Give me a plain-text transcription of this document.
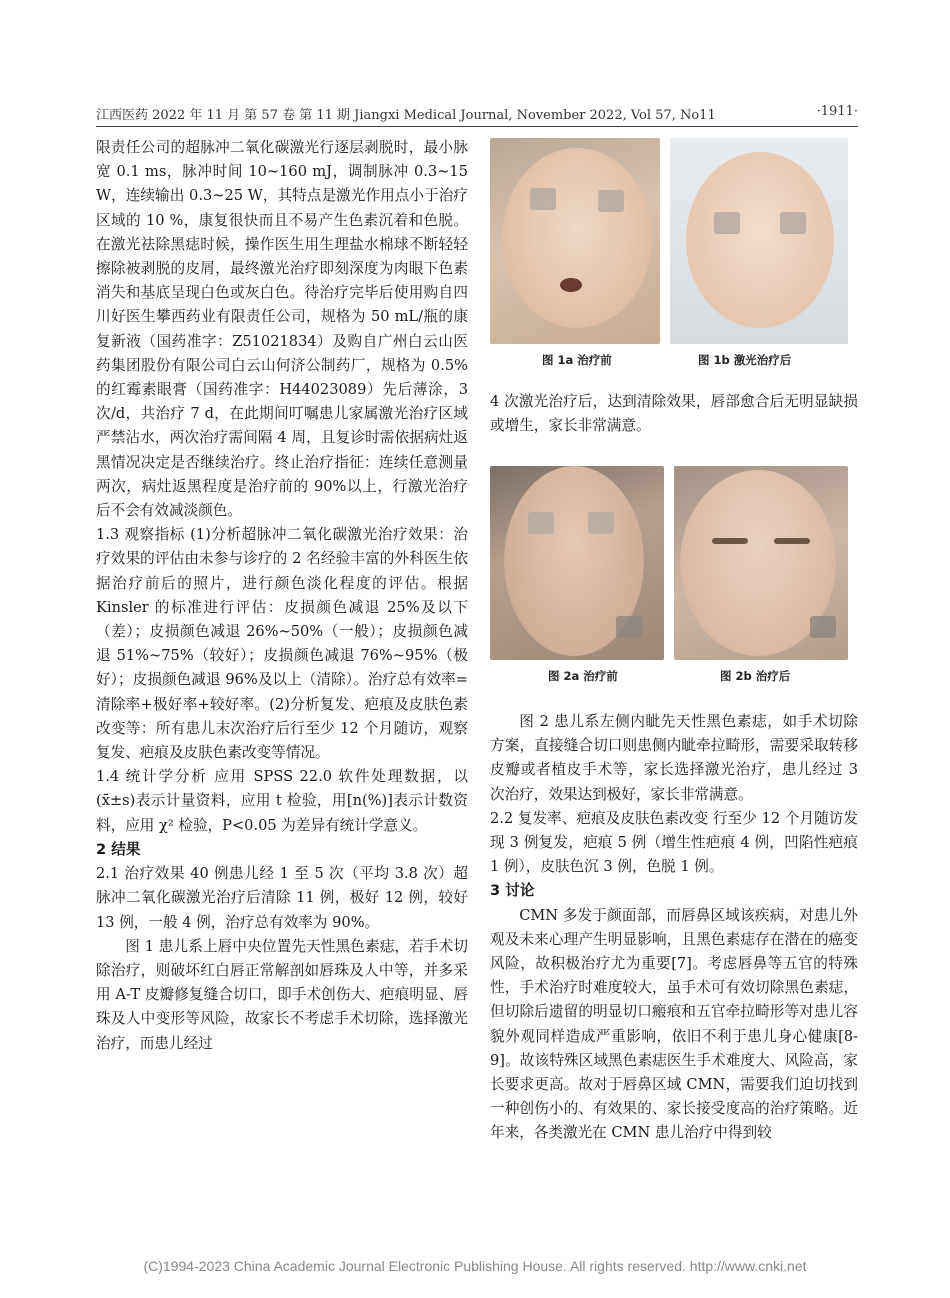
江西医药 2022 年 11 月 第 57 卷 第 11 期 Jiangxi Medical Journal, November 2022, Vol 57, No11	·1911·

限责任公司的超脉冲二氧化碳激光行逐层剥脱时，最小脉宽 0.1 ms，脉冲时间 10~160 mJ，调制脉冲 0.3~15 W，连续输出 0.3~25 W，其特点是激光作用点小于治疗区域的 10 %，康复很快而且不易产生色素沉着和色脱。在激光祛除黑痣时候，操作医生用生理盐水棉球不断轻轻擦除被剥脱的皮屑，最终激光治疗即刻深度为肉眼下色素消失和基底呈现白色或灰白色。待治疗完毕后使用购自四川好医生攀西药业有限责任公司，规格为 50 mL/瓶的康复新液（国药准字：Z51021834）及购自广州白云山医药集团股份有限公司白云山何济公制药厂，规格为 0.5%的红霉素眼膏（国药准字：H44023089）先后薄涂，3 次/d，共治疗 7 d，在此期间叮嘱患儿家属激光治疗区域严禁沾水，两次治疗需间隔 4 周，且复诊时需依据病灶返黑情况决定是否继续治疗。终止治疗指征：连续任意测量两次，病灶返黑程度是治疗前的 90%以上，行激光治疗后不会有效减淡颜色。

1.3 观察指标 (1)分析超脉冲二氧化碳激光治疗效果：治疗效果的评估由未参与诊疗的 2 名经验丰富的外科医生依据治疗前后的照片，进行颜色淡化程度的评估。根据 Kinsler 的标准进行评估：皮损颜色减退 25%及以下（差）；皮损颜色减退 26%~50%（一般）；皮损颜色减退 51%~75%（较好）；皮损颜色减退 76%~95%（极好）；皮损颜色减退 96%及以上（清除）。治疗总有效率=清除率+极好率+较好率。(2)分析复发、疤痕及皮肤色素改变等：所有患儿末次治疗后行至少 12 个月随访，观察复发、疤痕及皮肤色素改变等情况。

1.4 统计学分析 应用 SPSS 22.0 软件处理数据，以(x̄±s)表示计量资料，应用 t 检验，用[n(%)]表示计数资料，应用 χ² 检验，P<0.05 为差异有统计学意义。

2 结果

2.1 治疗效果 40 例患儿经 1 至 5 次（平均 3.8 次）超脉冲二氧化碳激光治疗后清除 11 例，极好 12 例，较好 13 例，一般 4 例，治疗总有效率为 90%。

图 1 患儿系上唇中央位置先天性黑色素痣，若手术切除治疗，则破坏红白唇正常解剖如唇珠及人中等，并多采用 A-T 皮瓣修复缝合切口，即手术创伤大、疤痕明显、唇珠及人中变形等风险，故家长不考虑手术切除，选择激光治疗，而患儿经过

图 1a 治疗前	图 1b 激光治疗后

4 次激光治疗后，达到清除效果，唇部愈合后无明显缺损或增生，家长非常满意。

图 2a 治疗前	图 2b 治疗后

图 2 患儿系左侧内眦先天性黑色素痣，如手术切除方案，直接缝合切口则患侧内眦牵拉畸形，需要采取转移皮瓣或者植皮手术等，家长选择激光治疗，患儿经过 3 次治疗，效果达到极好，家长非常满意。

2.2 复发率、疤痕及皮肤色素改变 行至少 12 个月随访发现 3 例复发，疤痕 5 例（增生性疤痕 4 例，凹陷性疤痕 1 例），皮肤色沉 3 例，色脱 1 例。

3 讨论

CMN 多发于颜面部，而唇鼻区域该疾病，对患儿外观及未来心理产生明显影响，且黑色素痣存在潜在的癌变风险，故积极治疗尤为重要[7]。考虑唇鼻等五官的特殊性，手术治疗时难度较大，虽手术可有效切除黑色素痣，但切除后遗留的明显切口瘢痕和五官牵拉畸形等对患儿容貌外观同样造成严重影响，依旧不利于患儿身心健康[8-9]。故该特殊区域黑色素痣医生手术难度大、风险高，家长要求更高。故对于唇鼻区域 CMN，需要我们迫切找到一种创伤小的、有效果的、家长接受度高的治疗策略。近年来，各类激光在 CMN 患儿治疗中得到较

(C)1994-2023 China Academic Journal Electronic Publishing House. All rights reserved. http://www.cnki.net
